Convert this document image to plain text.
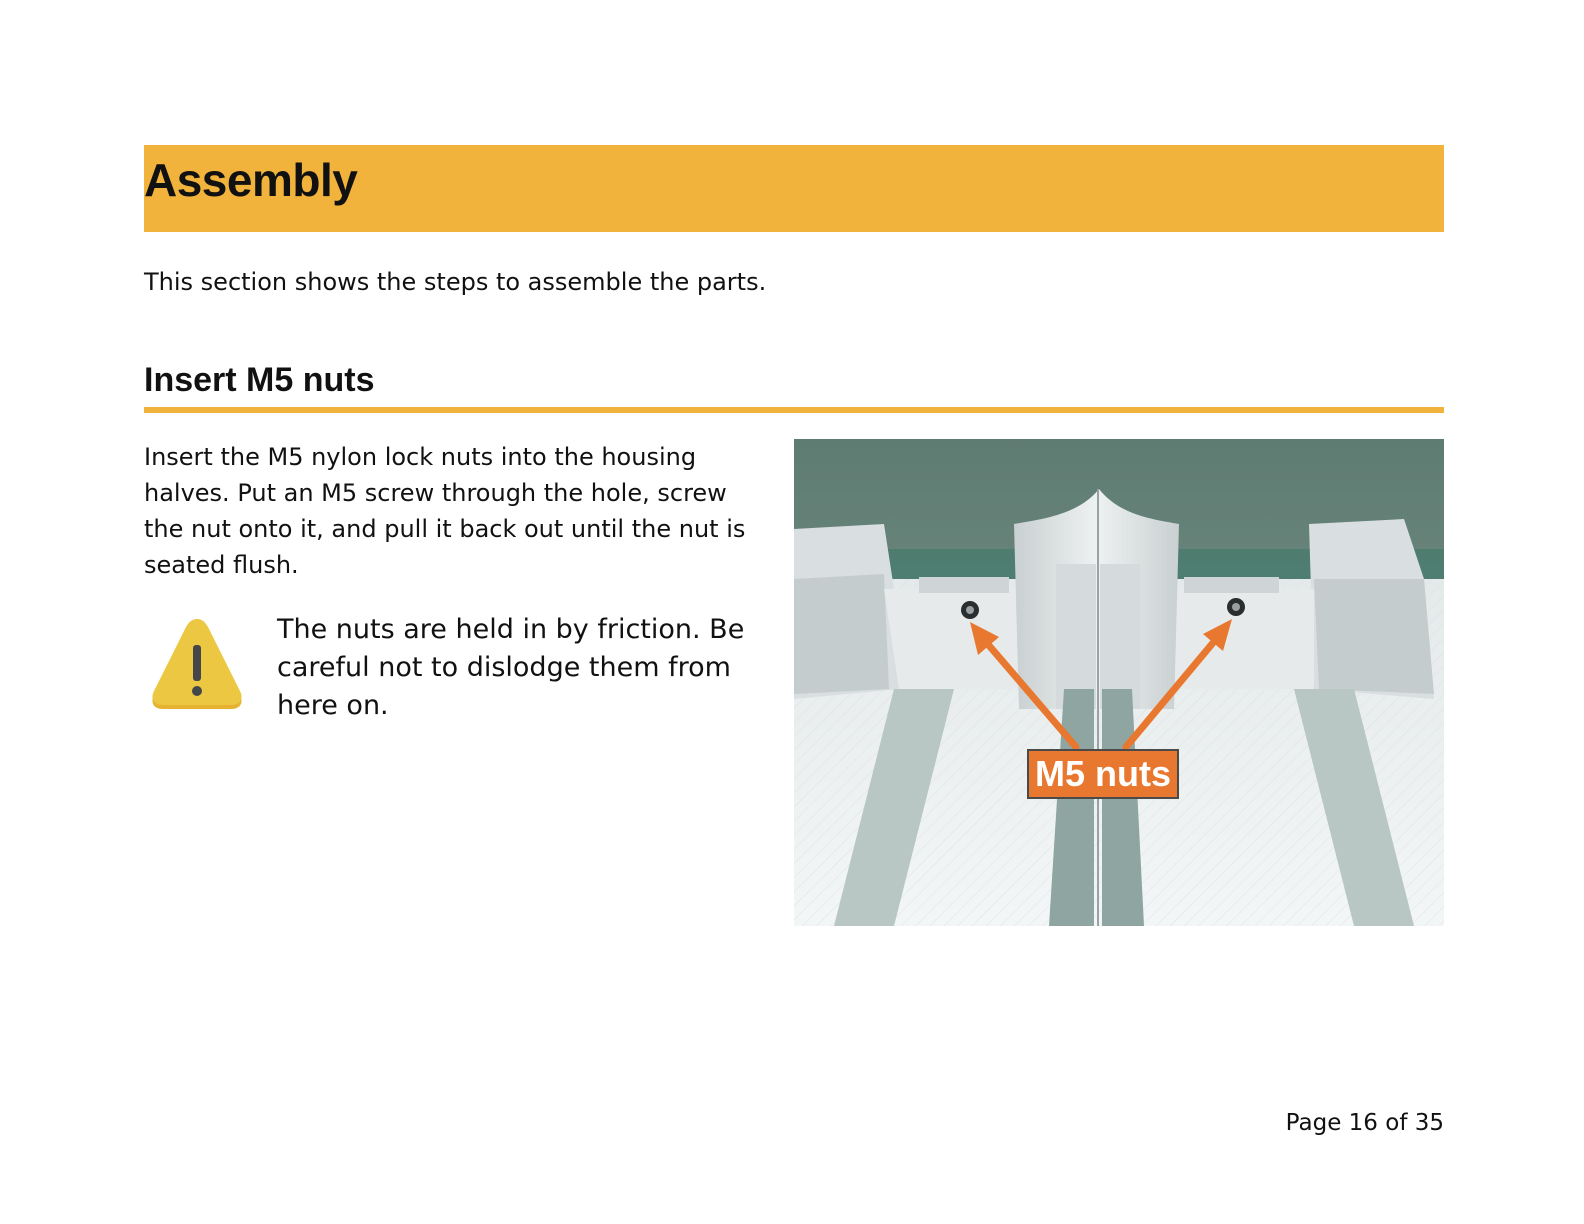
Assembly

This section shows the steps to assemble the parts.

Insert M5 nuts

Insert the M5 nylon lock nuts into the housing halves. Put an M5 screw through the hole, screw the nut onto it, and pull it back out until the nut is seated flush.

The nuts are held in by friction. Be careful not to dislodge them from here on.

M5 nuts

Page 16 of 35
